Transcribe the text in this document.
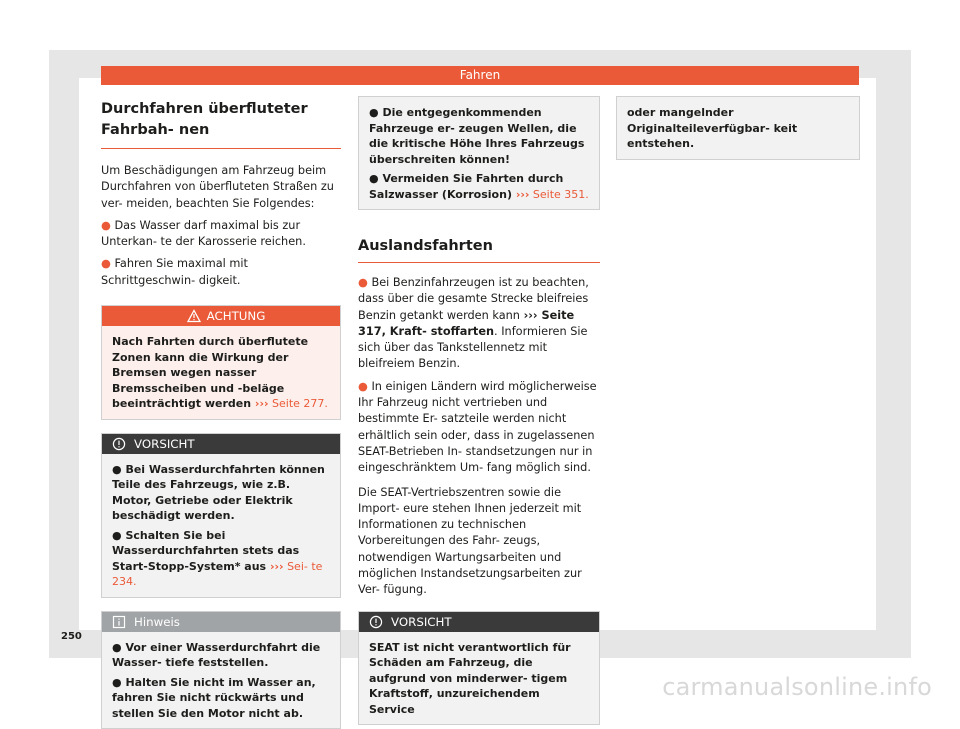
Fahren
Durchfahren überfluteter Fahrbah- nen

Um Beschädigungen am Fahrzeug beim Durchfahren von überfluteten Straßen zu ver- meiden, beachten Sie Folgendes:

● Das Wasser darf maximal bis zur Unterkan- te der Karosserie reichen.

● Fahren Sie maximal mit Schrittgeschwin- digkeit.

ACHTUNG
Nach Fahrten durch überflutete Zonen kann die Wirkung der Bremsen wegen nasser Bremsscheiben und -beläge beeinträchtigt werden ››› Seite 277.
VORSICHT

● Bei Wasserdurchfahrten können Teile des Fahrzeugs, wie z.B. Motor, Getriebe oder Elektrik beschädigt werden.

● Schalten Sie bei Wasserdurchfahrten stets das Start-Stopp-System* aus ››› Sei- te 234.

Hinweis

● Vor einer Wasserdurchfahrt die Wasser- tiefe feststellen.

● Halten Sie nicht im Wasser an, fahren Sie nicht rückwärts und stellen Sie den Motor nicht ab.

● Die entgegenkommenden Fahrzeuge er- zeugen Wellen, die die kritische Höhe Ihres Fahrzeugs überschreiten können!

● Vermeiden Sie Fahrten durch Salzwasser (Korrosion) ››› Seite 351.

Auslandsfahrten

● Bei Benzinfahrzeugen ist zu beachten, dass über die gesamte Strecke bleifreies Benzin getankt werden kann ››› Seite 317, Kraft- stoffarten. Informieren Sie sich über das Tankstellennetz mit bleifreiem Benzin.

● In einigen Ländern wird möglicherweise Ihr Fahrzeug nicht vertrieben und bestimmte Er- satzteile werden nicht erhältlich sein oder, dass in zugelassenen SEAT-Betrieben In- standsetzungen nur in eingeschränktem Um- fang möglich sind.

Die SEAT-Vertriebszentren sowie die Import- eure stehen Ihnen jederzeit mit Informationen zu technischen Vorbereitungen des Fahr- zeugs, notwendigen Wartungsarbeiten und möglichen Instandsetzungsarbeiten zur Ver- fügung.

VORSICHT
SEAT ist nicht verantwortlich für Schäden am Fahrzeug, die aufgrund von minderwer- tigem Kraftstoff, unzureichendem Service
oder mangelnder Originalteileverfügbar- keit entstehen.
250
carmanualsonline.info
